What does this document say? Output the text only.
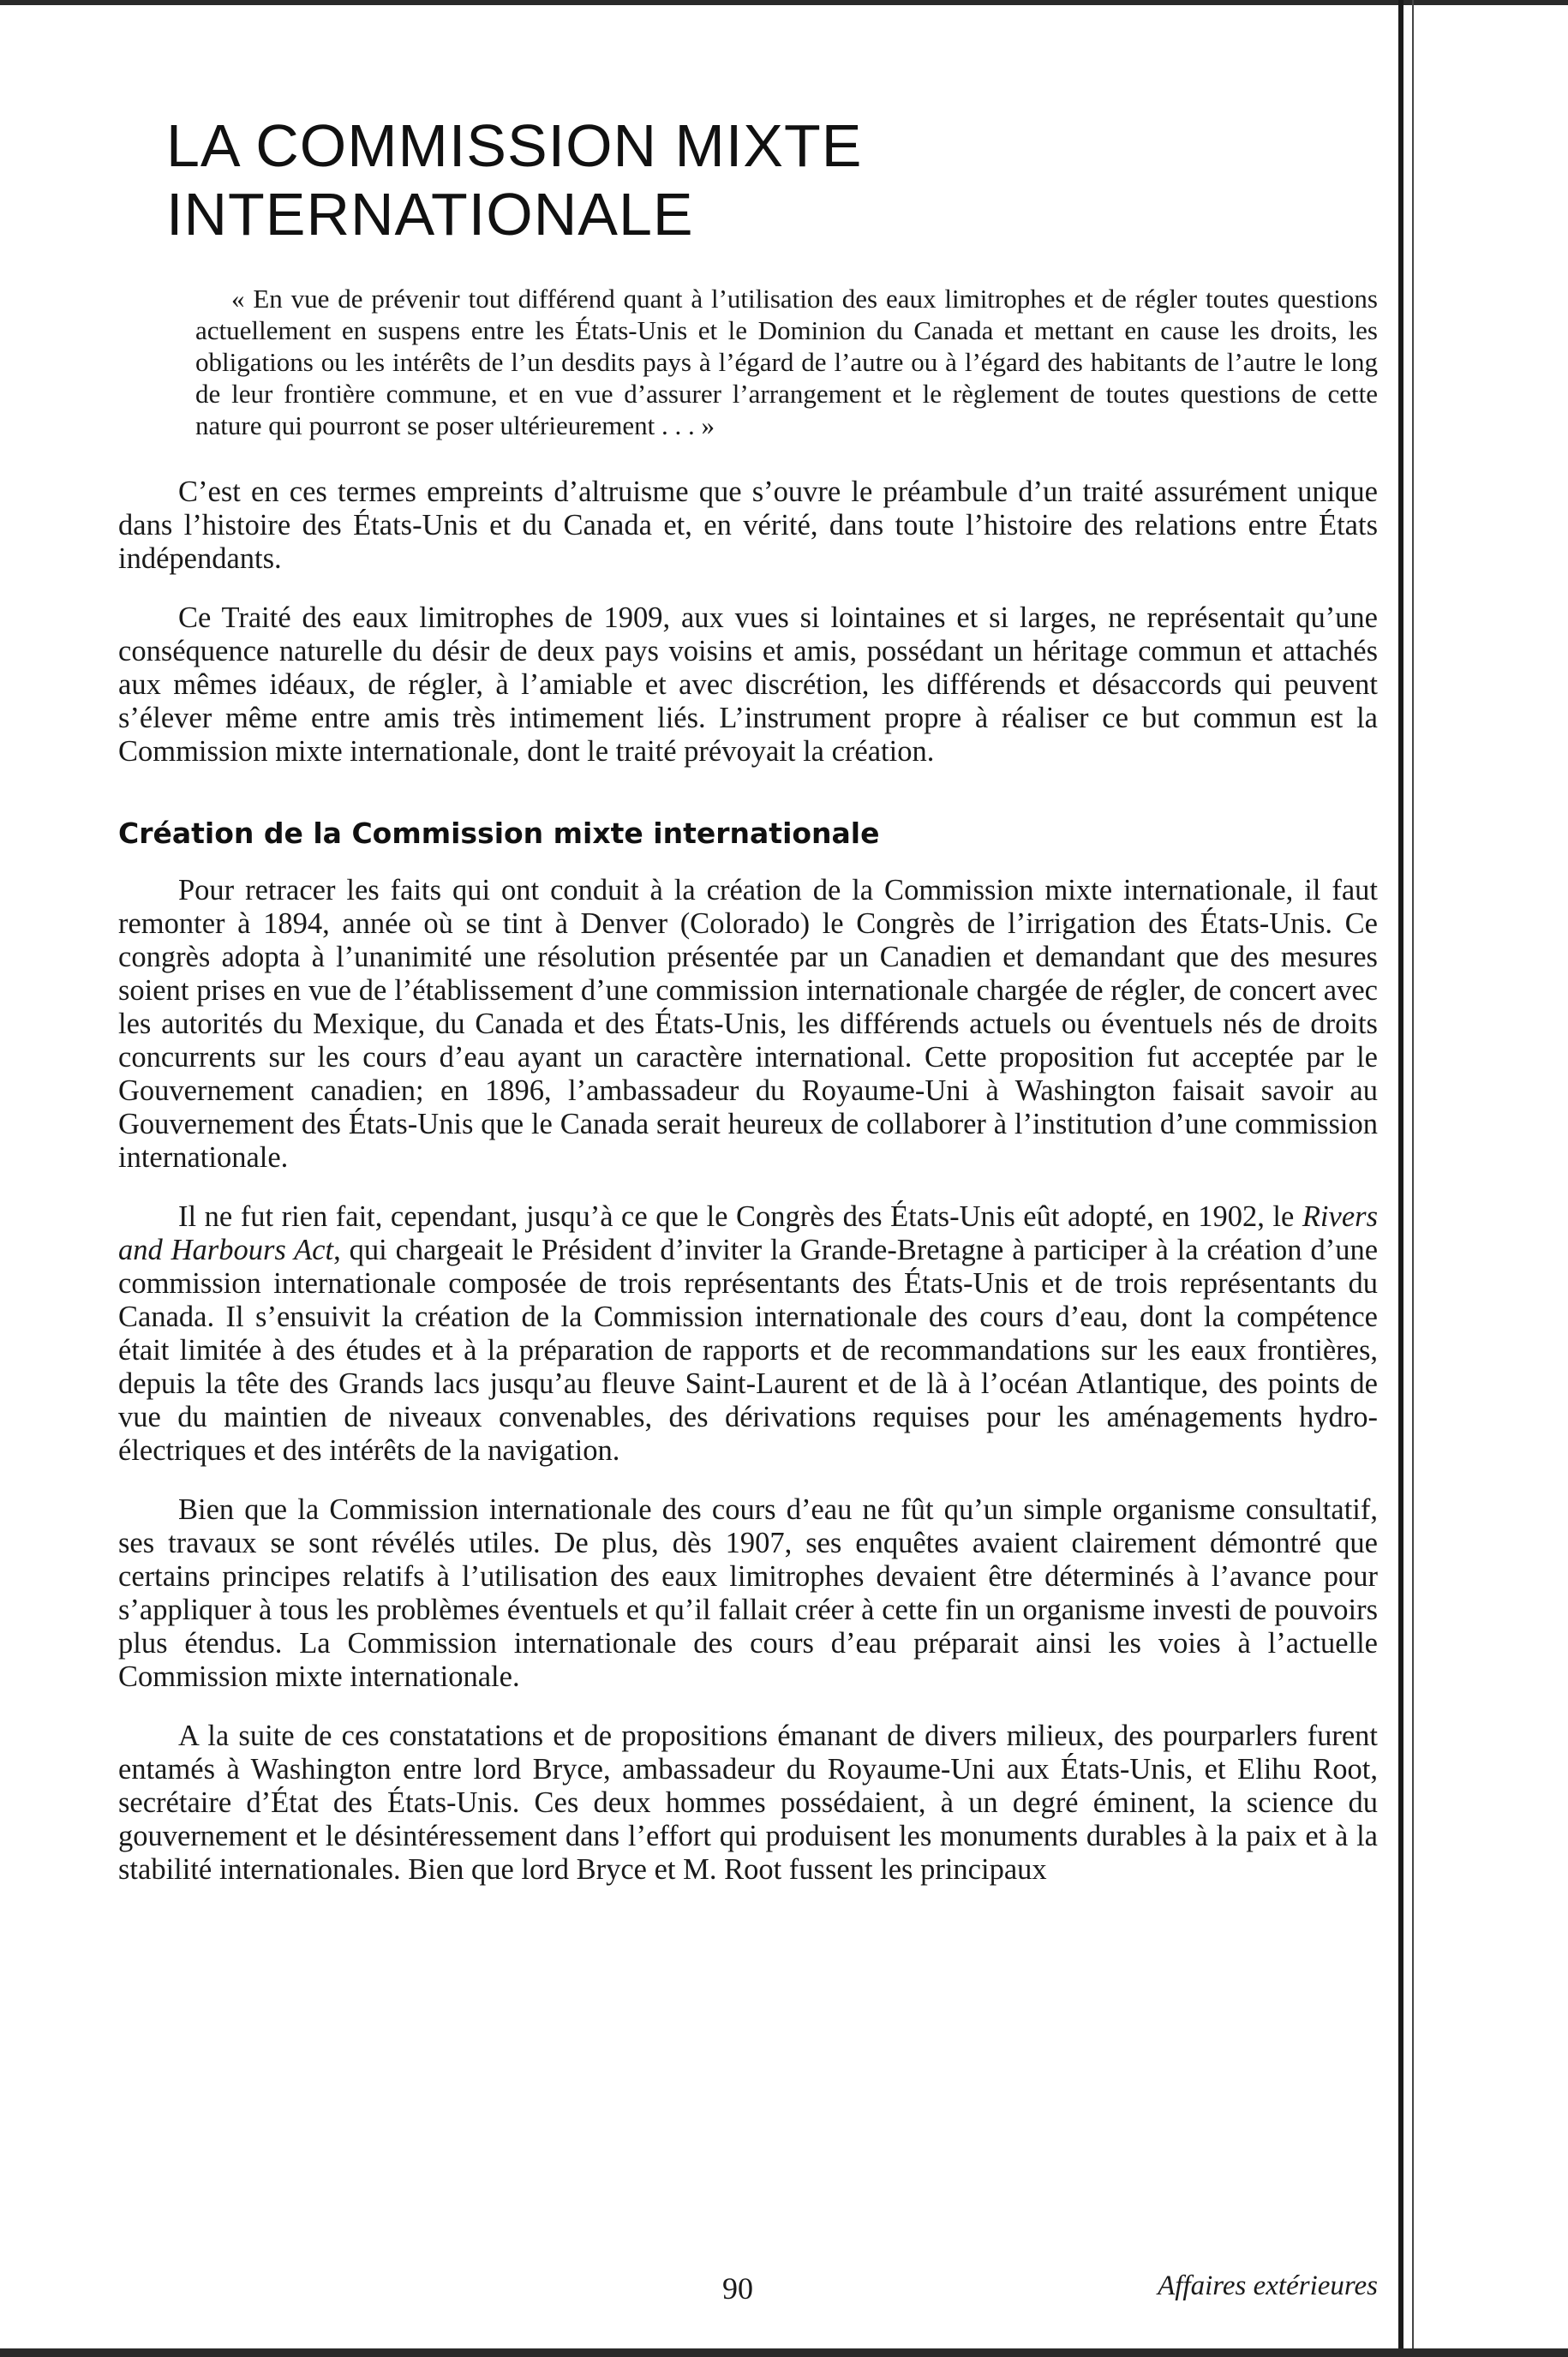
LA COMMISSION MIXTE INTERNATIONALE
« En vue de prévenir tout différend quant à l’utilisation des eaux limitrophes et de régler toutes questions actuellement en suspens entre les États-Unis et le Dominion du Canada et mettant en cause les droits, les obligations ou les intérêts de l’un desdits pays à l’égard de l’autre ou à l’égard des habitants de l’autre le long de leur frontière commune, et en vue d’assurer l’arrangement et le règlement de toutes questions de cette nature qui pourront se poser ultérieurement . . . »

C’est en ces termes empreints d’altruisme que s’ouvre le préambule d’un traité assurément unique dans l’histoire des États-Unis et du Canada et, en vérité, dans toute l’histoire des relations entre États indépendants.

Ce Traité des eaux limitrophes de 1909, aux vues si lointaines et si larges, ne représentait qu’une conséquence naturelle du désir de deux pays voisins et amis, possédant un héritage commun et attachés aux mêmes idéaux, de régler, à l’amiable et avec discrétion, les différends et désaccords qui peuvent s’élever même entre amis très intimement liés. L’instrument propre à réaliser ce but commun est la Commission mixte internationale, dont le traité prévoyait la création.

Création de la Commission mixte internationale

Pour retracer les faits qui ont conduit à la création de la Commission mixte internationale, il faut remonter à 1894, année où se tint à Denver (Colorado) le Congrès de l’irrigation des États-Unis. Ce congrès adopta à l’unanimité une résolution présentée par un Canadien et demandant que des mesures soient prises en vue de l’établissement d’une commission internationale chargée de régler, de concert avec les autorités du Mexique, du Canada et des États-Unis, les différends actuels ou éventuels nés de droits concurrents sur les cours d’eau ayant un caractère international. Cette proposition fut acceptée par le Gouvernement canadien; en 1896, l’ambassadeur du Royaume-Uni à Washington faisait savoir au Gouvernement des États-Unis que le Canada serait heureux de collaborer à l’institution d’une commission internationale.

Il ne fut rien fait, cependant, jusqu’à ce que le Congrès des États-Unis eût adopté, en 1902, le Rivers and Harbours Act, qui chargeait le Président d’inviter la Grande-Bretagne à participer à la création d’une commission internationale composée de trois représentants des États-Unis et de trois représentants du Canada. Il s’ensuivit la création de la Commission internationale des cours d’eau, dont la compétence était limitée à des études et à la préparation de rapports et de recommandations sur les eaux frontières, depuis la tête des Grands lacs jusqu’au fleuve Saint-Laurent et de là à l’océan Atlantique, des points de vue du maintien de niveaux convenables, des dérivations requises pour les aménagements hydro-électriques et des intérêts de la navigation.

Bien que la Commission internationale des cours d’eau ne fût qu’un simple organisme consultatif, ses travaux se sont révélés utiles. De plus, dès 1907, ses enquêtes avaient clairement démontré que certains principes relatifs à l’utilisation des eaux limitrophes devaient être déterminés à l’avance pour s’appliquer à tous les problèmes éventuels et qu’il fallait créer à cette fin un organisme investi de pouvoirs plus étendus. La Commission internationale des cours d’eau préparait ainsi les voies à l’actuelle Commission mixte internationale.

A la suite de ces constatations et de propositions émanant de divers milieux, des pourparlers furent entamés à Washington entre lord Bryce, ambassadeur du Royaume-Uni aux États-Unis, et Elihu Root, secrétaire d’État des États-Unis. Ces deux hommes possédaient, à un degré éminent, la science du gouvernement et le désintéressement dans l’effort qui produisent les monuments durables à la paix et à la stabilité internationales. Bien que lord Bryce et M. Root fussent les principaux

90	Affaires extérieures
